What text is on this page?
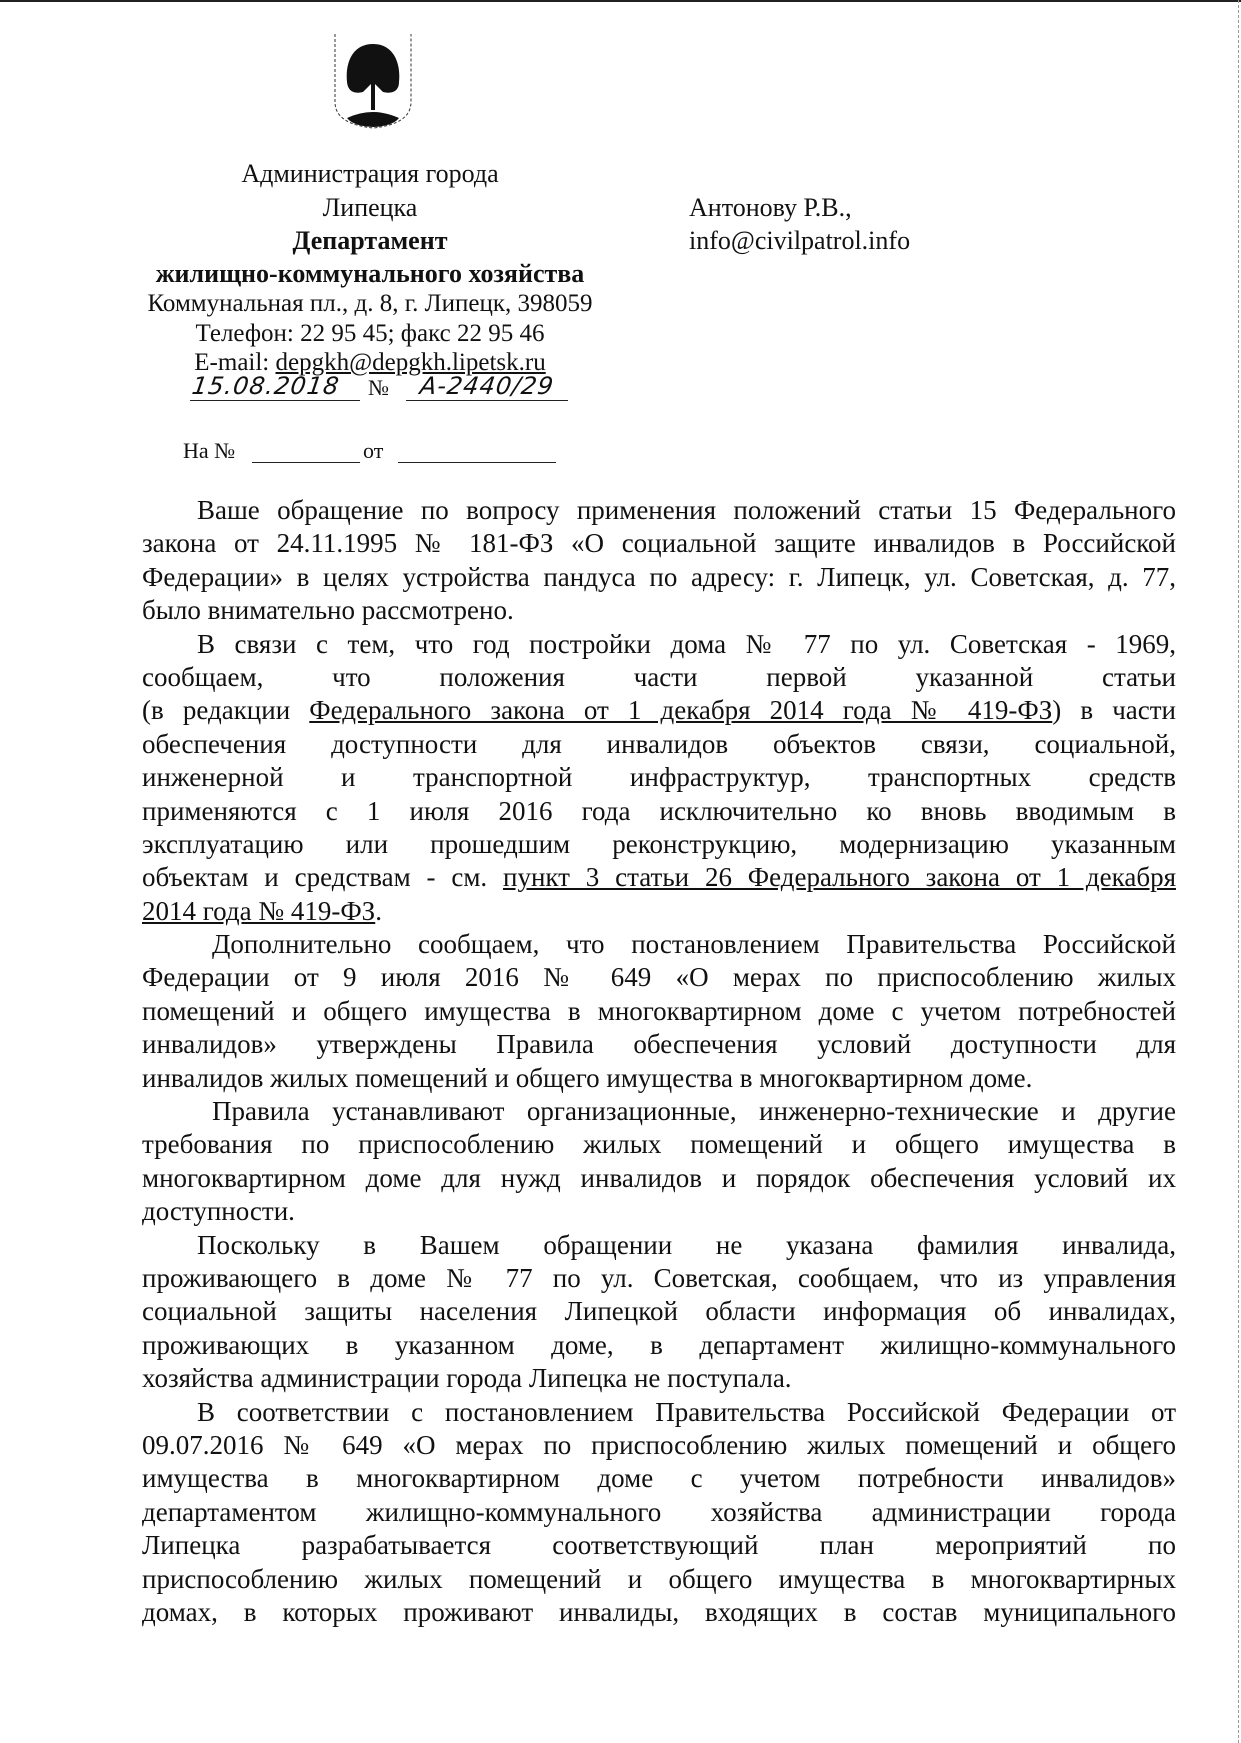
Администрация города
Липецка
Департамент
жилищно-коммунального хозяйства
Коммунальная пл., д. 8, г. Липецк, 398059
Телефон: 22 95 45; факс 22 95 46
E-mail: depgkh@depgkh.lipetsk.ru
15.08.2018	№	А-2440/29
На №	от
Антонову Р.В.,
info@civilpatrol.info
Ваше обращение по вопросу применения положений статьи 15 Федерального
закона от 24.11.1995 № 181-ФЗ «О социальной защите инвалидов в Российской
Федерации» в целях устройства пандуса по адресу: г. Липецк, ул. Советская, д. 77,
было внимательно рассмотрено.
В связи с тем, что год постройки дома № 77 по ул. Советская - 1969,
сообщаем, что положения части первой указанной статьи
(в редакции Федерального закона от 1 декабря 2014 года № 419-ФЗ) в части
обеспечения доступности для инвалидов объектов связи, социальной,
инженерной и транспортной инфраструктур, транспортных средств
применяются с 1 июля 2016 года исключительно ко вновь вводимым в
эксплуатацию или прошедшим реконструкцию, модернизацию указанным
объектам и средствам - см. пункт 3 статьи 26 Федерального закона от 1 декабря
2014 года № 419-ФЗ.
Дополнительно сообщаем, что постановлением Правительства Российской
Федерации от 9 июля 2016 № 649 «О мерах по приспособлению жилых
помещений и общего имущества в многоквартирном доме с учетом потребностей
инвалидов» утверждены Правила обеспечения условий доступности для
инвалидов жилых помещений и общего имущества в многоквартирном доме.
Правила устанавливают организационные, инженерно-технические и другие
требования по приспособлению жилых помещений и общего имущества в
многоквартирном доме для нужд инвалидов и порядок обеспечения условий их
доступности.
Поскольку в Вашем обращении не указана фамилия инвалида,
проживающего в доме № 77 по ул. Советская, сообщаем, что из управления
социальной защиты населения Липецкой области информация об инвалидах,
проживающих в указанном доме, в департамент жилищно-коммунального
хозяйства администрации города Липецка не поступала.
В соответствии с постановлением Правительства Российской Федерации от
09.07.2016 № 649 «О мерах по приспособлению жилых помещений и общего
имущества в многоквартирном доме с учетом потребности инвалидов»
департаментом жилищно-коммунального хозяйства администрации города
Липецка разрабатывается соответствующий план мероприятий по
приспособлению жилых помещений и общего имущества в многоквартирных
домах, в которых проживают инвалиды, входящих в состав муниципального
